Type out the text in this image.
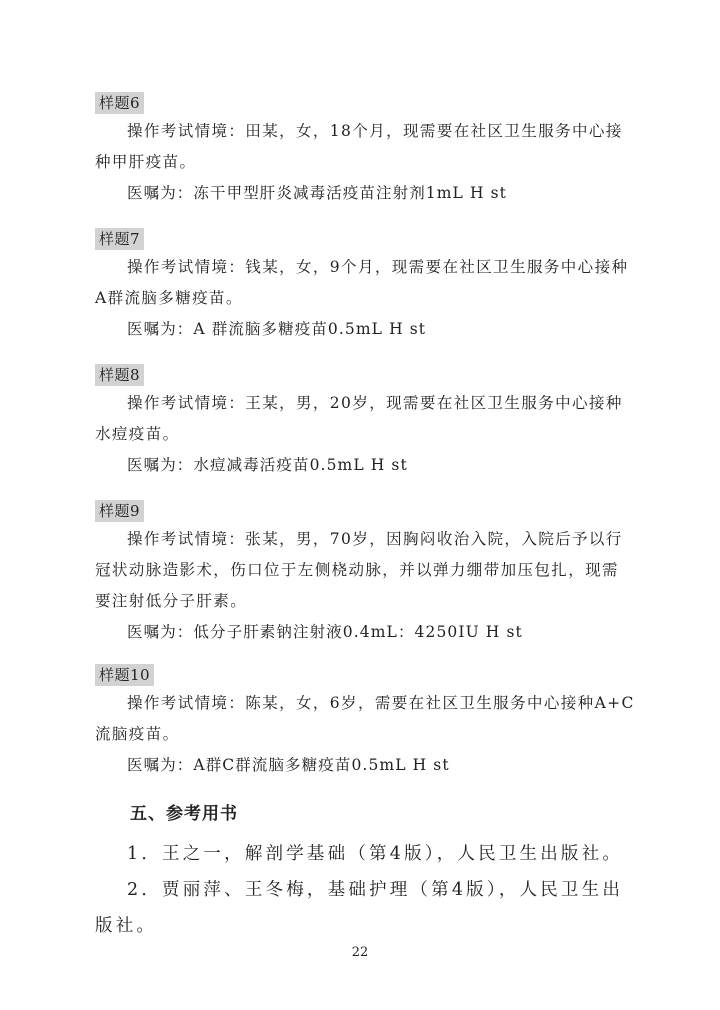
样题6

操作考试情境：田某，女，18个月，现需要在社区卫生服务中心接种甲肝疫苗。

医嘱为：冻干甲型肝炎减毒活疫苗注射剂1mL H st

样题7

操作考试情境：钱某，女，9个月，现需要在社区卫生服务中心接种A群流脑多糖疫苗。

医嘱为：A 群流脑多糖疫苗0.5mL H st

样题8

操作考试情境：王某，男，20岁，现需要在社区卫生服务中心接种水痘疫苗。

医嘱为：水痘减毒活疫苗0.5mL H st

样题9

操作考试情境：张某，男，70岁，因胸闷收治入院，入院后予以行冠状动脉造影术，伤口位于左侧桡动脉，并以弹力绷带加压包扎，现需要注射低分子肝素。

医嘱为：低分子肝素钠注射液0.4mL：4250IU H st

样题10

操作考试情境：陈某，女，6岁，需要在社区卫生服务中心接种A+C流脑疫苗。

医嘱为：A群C群流脑多糖疫苗0.5mL H st

五、参考用书

1．王之一，解剖学基础（第4版），人民卫生出版社。

2．贾丽萍、王冬梅，基础护理（第4版），人民卫生出版社。

22
